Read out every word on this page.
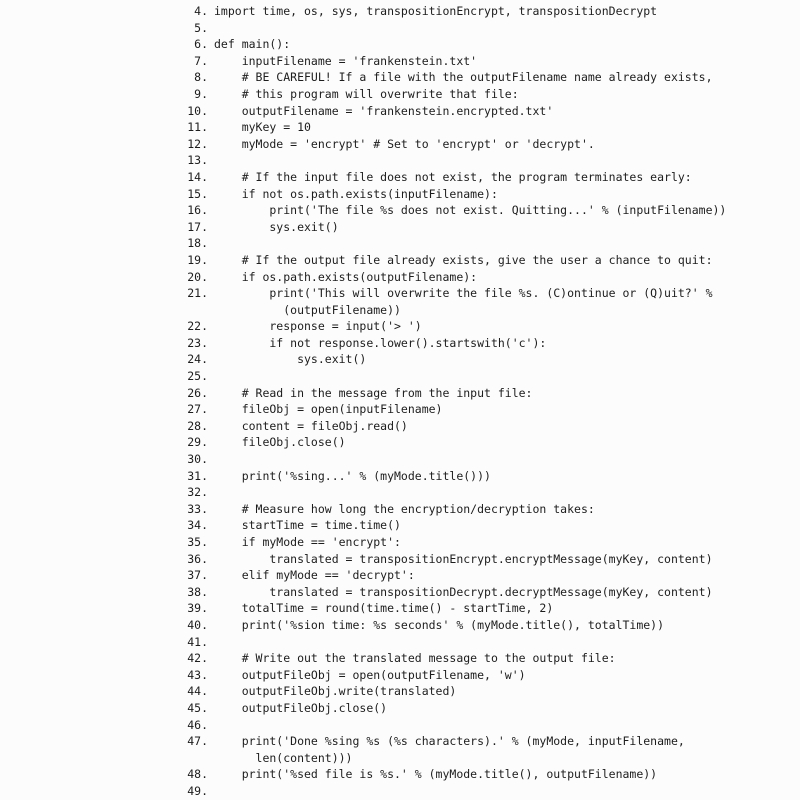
4. import time, os, sys, transpositionEncrypt, transpositionDecrypt
5.
6. def main():
7. inputFilename = 'frankenstein.txt'
8. # BE CAREFUL! If a file with the outputFilename name already exists,
9. # this program will overwrite that file:
10. outputFilename = 'frankenstein.encrypted.txt'
11. myKey = 10
12. myMode = 'encrypt' # Set to 'encrypt' or 'decrypt'.
13.
14. # If the input file does not exist, the program terminates early:
15. if not os.path.exists(inputFilename):
16. print('The file %s does not exist. Quitting...' % (inputFilename))
17. sys.exit()
18.
19. # If the output file already exists, give the user a chance to quit:
20. if os.path.exists(outputFilename):
21. print('This will overwrite the file %s. (C)ontinue or (Q)uit?' %
(outputFilename))
22. response = input('> ')
23. if not response.lower().startswith('c'):
24. sys.exit()
25.
26. # Read in the message from the input file:
27. fileObj = open(inputFilename)
28. content = fileObj.read()
29. fileObj.close()
30.
31. print('%sing...' % (myMode.title()))
32.
33. # Measure how long the encryption/decryption takes:
34. startTime = time.time()
35. if myMode == 'encrypt':
36. translated = transpositionEncrypt.encryptMessage(myKey, content)
37. elif myMode == 'decrypt':
38. translated = transpositionDecrypt.decryptMessage(myKey, content)
39. totalTime = round(time.time() - startTime, 2)
40. print('%sion time: %s seconds' % (myMode.title(), totalTime))
41.
42. # Write out the translated message to the output file:
43. outputFileObj = open(outputFilename, 'w')
44. outputFileObj.write(translated)
45. outputFileObj.close()
46.
47. print('Done %sing %s (%s characters).' % (myMode, inputFilename,
len(content)))
48. print('%sed file is %s.' % (myMode.title(), outputFilename))
49.
